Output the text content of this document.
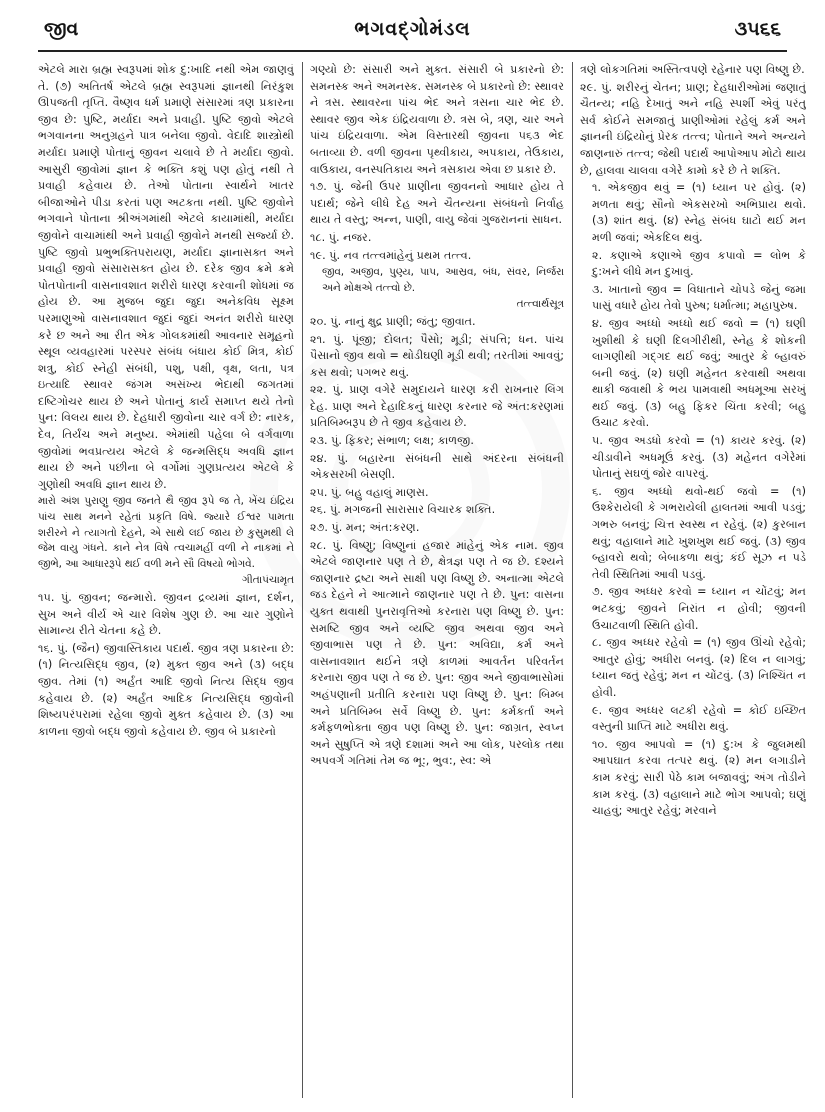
જીવ	ભગવદ્ગોમંડલ	૩૫૬૬

એટલે મારા બ્રહ્મ સ્વરૂપમાં શોક દુ:ખાદિ નથી એમ જાણવું તે. (૭) અતિતર્ષ એટલે બ્રહ્મ સ્વરૂપમાં જ્ઞાનથી નિરંકુશ ઊપજતી તૃપ્તિ. વૈષ્ણવ ધર્મ પ્રમાણે સંસારમાં ત્રણ પ્રકારના જીવ છે: પુષ્ટિ, મર્યાદા અને પ્રવાહી. પુષ્ટિ જીવો એટલે ભગવાનના અનુગ્રહને પાત્ર બનેલા જીવો. વેદાદિ શાસ્ત્રોથી મર્યાદા પ્રમાણે પોતાનું જીવન ચલાવે છે તે મર્યાદા જીવો. આસુરી જીવોમાં જ્ઞાન કે ભક્તિ કશું પણ હોતું નથી તે પ્રવાહી કહેવાય છે. તેઓ પોતાના સ્વાર્થને ખાતર બીજાઓને પીડા કરતાં પણ અટકતા નથી. પુષ્ટિ જીવોને ભગવાને પોતાના શ્રીઅંગમાંથી એટલે કાયામાંથી, મર્યાદા જીવોને વાચામાંથી અને પ્રવાહી જીવોને મનથી સર્જ્યા છે. પુષ્ટિ જીવો પ્રભુભક્તિપરાયણ, મર્યાદા જ્ઞાનાસક્ત અને પ્રવાહી જીવો સંસારાસક્ત હોય છે. દરેક જીવ ક્રમે ક્રમે પોતપોતાની વાસનાવશાત શરીરો ધારણ કરવાની શોધમાં જ હોય છે. આ મુજબ જુદા જુદા અનેકવિધ સૂક્ષ્મ પરમાણુઓ વાસનાવશાત જુદાં જુદાં અનંત શરીરો ધારણ કરે છ અને આ રીત એક ગોલકમાંથી આવનાર સમૂહનો સ્થૂલ વ્યવહારમાં પરસ્પર સંબંધ બંધાય કોઈ મિત્ર, કોઈ શત્રુ, કોઈ સ્નેહી સંબંધી, પશુ, પક્ષી, વૃક્ષ, લતા, પત્ર ઇત્યાદિ સ્થાવર જંગમ અસંખ્ય ભેદાથી જગતમાં દષ્ટિગોચર થાય છે અને પોતાનું કાર્ય સમાપ્ત થયે તેનો પુન: વિલય થાય છે. દેહધારી જીવોના ચાર વર્ગ છે: નારક, દેવ, તિર્યંચ અને મનુષ્ય. એમાંથી પહેલા બે વર્ગવાળા જીવોમાં ભવપ્રત્યય એટલે કે જન્મસિદ્ધ અવધિ જ્ઞાન થાય છે અને પછીના બે વર્ગોમાં ગુણપ્રત્યય એટલે કે ગુણોથી અવધિ જ્ઞાન થાય છે.

મારો અંશ પુરાણુ જીવ જનતે થૈ જીવ રૂપે જ તે, ખેંચ ઇંદ્રિય પાંચ સાથ મનને રહેતાં પ્રકૃતિ વિષે. જ્યારે ઈશ્વર પામતા શરીરને ને ત્યાગતો દેહને, એ સાથે લઈ જાય છે કુસુમથી લે જેમ વાયુ ગંધને. કાને નેત્ર વિષે ત્વચામહીં વળી ને નાકમાં ને જીભે, આ આધારરૂપે થઈ વળી મને સૌ વિષયો ભોગવે.

ગીતાપંચામૃત

૧૫. પું. જીવન; જન્મારો. જીવન દ્રવ્યમાં જ્ઞાન, દર્શન, સુખ અને વીર્ય એ ચાર વિશેષ ગુણ છે. આ ચાર ગુણોને સામાન્ય રીતે ચેતના કહે છે.

૧૬. પું. (જૈન) જીવાસ્તિકાય પદાર્થ. જીવ ત્રણ પ્રકારના છે: (૧) નિત્યસિદ્ધ જીવ, (૨) મુક્ત જીવ અને (૩) બદ્ધ જીવ. તેમાં (૧) અર્હંત આદિ જીવો નિત્ય સિદ્ધ જીવ કહેવાય છે. (૨) અર્હંત આદિક નિત્યસિદ્ધ જીવોની શિષ્યપરંપરામાં રહેલા જીવો મુક્ત કહેવાય છે. (૩) આ કાળના જીવો બદ્ધ જીવો કહેવાય છે. જીવ બે પ્રકારનો

ગણ્યો છે: સંસારી અને મુક્ત. સંસારી બે પ્રકારનો છે: સમનસ્ક અને અમનસ્ક. સમનસ્ક બે પ્રકારનો છે: સ્થાવર ને ત્રસ. સ્થાવરના પાંચ ભેદ અને ત્રસના ચાર ભેદ છે. સ્થાવર જીવ એક ઇંદ્રિયવાળા છે. ત્રસ બે, ત્રણ, ચાર અને પાંચ ઇંદ્રિયવાળા. એમ વિસ્તારથી જીવના ૫૬૩ ભેદ બતાવ્યા છે. વળી જીવના પૃથ્વીકાય, અપકાય, તેઉકાય, વાઉકાય, વનસ્પતિકાય અને ત્રસકાય એવા છ પ્રકાર છે.

૧૭. પું. જેની ઉપર પ્રાણીના જીવનનો આધાર હોય તે પદાર્થ; જેને લીધે દેહ અને ચૈતન્યના સંબંધનો નિર્વાહ થાય તે વસ્તુ; અન્ન, પાણી, વાયુ જેવાં ગુજરાનનાં સાધન.

૧૮. પું. નજર.

૧૯. પું. નવ તત્ત્વમાંહેનું પ્રથમ તત્ત્વ.

જીવ, અજીવ, પુણ્ય, પાપ, આસ્રવ, બંધ, સંવર, નિર્જરા અને મોક્ષએ તત્ત્વો છે.

તત્ત્વાર્થસૂત્ર

૨૦. પું. નાનું ક્ષુદ્ર પ્રાણી; જંતુ; જીવાત.

૨૧. પું. પૂંજી; દોલત; પૈસો; મૂડી; સંપત્તિ; ધન. પાંચ પૈસાનો જીવ થવો = થોડીઘણી મૂડી થવી; તરતીમાં આવવું; કસ થવો; પગભર થવું.

૨૨. પું. પ્રાણ વગેરે સમુદાયને ધારણ કરી રાખનાર લિંગ દેહ. પ્રાણ અને દેહાદિકનું ધારણ કરનાર જે અંત:કરણમાં પ્રતિબિમ્બરૂપ છે તે જીવ કહેવાય છે.

૨૩. પું. ફિકર; સંભાળ; લક્ષ; કાળજી.

૨૪. પું. બહારના સંબંધની સાથે અંદરના સંબંધની એકસરખી બેસણી.

૨૫. પું. બહુ વહાલું માણસ.

૨૬. પું. મગજની સારાસાર વિચારક શક્તિ.

૨૭. પું. મન; અંત:કરણ.

૨૮. પું. વિષ્ણુ; વિષ્ણુનાં હજાર માંહેનું એક નામ. જીવ એટલે જાણનાર પણ તે છે, ક્ષેત્રજ્ઞ પણ તે જ છે. દશ્યને જાણનાર દ્રષ્ટા અને સાક્ષી પણ વિષ્ણુ છે. અનાત્મા એટલે જડ દેહને ને આત્માને જાણનાર પણ તે છે. પુન: વાસના યુક્ત થવાથી પુનરાવૃત્તિઓ કરનારા પણ વિષ્ણુ છે. પુન: સમષ્ટિ જીવ અને વ્યષ્ટિ જીવ અથવા જીવ અને જીવાભાસ પણ તે છે. પુન: અવિદ્યા, કર્મ અને વાસનાવશાત થઈને ત્રણે કાળમાં આવર્તન પરિવર્તન કરનારા જીવ પણ તે જ છે. પુન: જીવ અને જીવાભાસોમાં અહંપણાની પ્રતીતિ કરનારા પણ વિષ્ણુ છે. પુન: બિમ્બ અને પ્રતિબિમ્બ સર્વે વિષ્ણુ છે. પુન: કર્મકર્તા અને કર્મફળભોક્તા જીવ પણ વિષ્ણુ છે. પુન: જાગ્રત, સ્વપ્ન અને સુષુપ્તિ એ ત્રણે દશામાં અને આ લોક, પરલોક તથા અપવર્ગ ગતિમાં તેમ જ ભૂ:, ભુવ:, સ્વ: એ

ત્રણે લોકગતિમાં અસ્તિત્વપણે રહેનાર પણ વિષ્ણુ છે.

૨૯. પું. શરીરનું ચેતન; પ્રાણ; દેહધારીઓમાં જણાતું ચૈતન્ય; નહિ દેખાતું અને નહિ સ્પર્શી એવું પરંતુ સર્વ કોઈને સમજાતું પ્રાણીઓમાં રહેલું કર્મ અને જ્ઞાનની ઇંદ્રિયોનું પ્રેરક તત્ત્વ; પોતાને અને અન્યને જાણનારું તત્ત્વ; જેથી પદાર્થ આપોઆપ મોટો થાય છે, હાલવા ચાલવા વગેરે કામો કરે છે તે શક્તિ.

૧. એકજીવ થવું = (૧) ધ્યાન પર હોવું. (૨) મળતા થવું; સૌનો એકસરખો અભિપ્રાય થવો. (૩) શાંત થવું. (૪) સ્નેહ સંબંધ ઘાટો થઈ મન મળી જવાં; એકદિલ થવું.

૨. કણાએ કણાએ જીવ કપાવો = લોભ કે દુ:ખને લીધે મન દુખાવું.

૩. ખાતાનો જીવ = વિધાતાને ચોપડે જેનું જમા પાસું વધારે હોય તેવો પુરુષ; ધર્માત્મા; મહાપુરુષ.

૪. જીવ અધ્ધો અધ્ધો થઈ જવો = (૧) ઘણી ખુશીથી કે ઘણી દિલગીરીથી, સ્નેહ કે શોકની લાગણીથી ગદ્ગદ થઈ જવું; આતુર કે બ્હાવરું બની જવું. (૨) ઘણી મહેનત કરવાથી અથવા થાકી જવાથી કે ભય પામવાથી અધમૂઆ સરખું થઈ જવું. (૩) બહુ ફિકર ચિંતા કરવી; બહુ ઉચાટ કરવો.

૫. જીવ અડધો કરવો = (૧) કાયર કરવું. (૨) ચીડાવીને અધમૂઉં કરવું. (૩) મહેનત વગેરેમાં પોતાનું સઘળું જોર વાપરવું.

૬. જીવ અધ્ધો થવો-થઈ જવો = (૧) ઉશ્કેરાયેલી કે ગભરાયેલી હાલતમાં આવી પડવું; ગભરુ બનવું; ચિત્ત સ્વસ્થ ન રહેવું. (૨) કુરબાન થવું; વહાલાને માટે ખુશખુશ થઈ જવું. (૩) જીવ બ્હાવરો થવો; બેબાકળા થવું; કંઈ સૂઝ ન પડે તેવી સ્થિતિમાં આવી પડવું.

૭. જીવ અધ્ધર કરવો = ધ્યાન ન ચોંટવું; મન ભટકવું; જીવને નિરાંત ન હોવી; જીવની ઉચાટવાળી સ્થિતિ હોવી.

૮. જીવ અધ્ધર રહેવો = (૧) જીવ ઊંચો રહેવો; આતુર હોવું; અધીરા બનવું. (૨) દિલ ન લાગવું; ધ્યાન જતું રહેવું; મન ન ચોંટવું. (૩) નિશ્ચિંત ન હોવી.

૯. જીવ અધ્ધર લટકી રહેવો = કોઈ ઇચ્છિત વસ્તુની પ્રાપ્તિ માટે અધીરા થવું.

૧૦. જીવ આપવો = (૧) દુ:ખ કે જુલમથી આપઘાત કરવા તત્પર થવું. (૨) મન લગાડીને કામ કરવું; સારી પેઠે કામ બજાવવું; અંગ તોડીને કામ કરવું. (૩) વહાલાને માટે ભોગ આપવો; ઘણું ચાહવું; આતુર રહેવું; મરવાને
